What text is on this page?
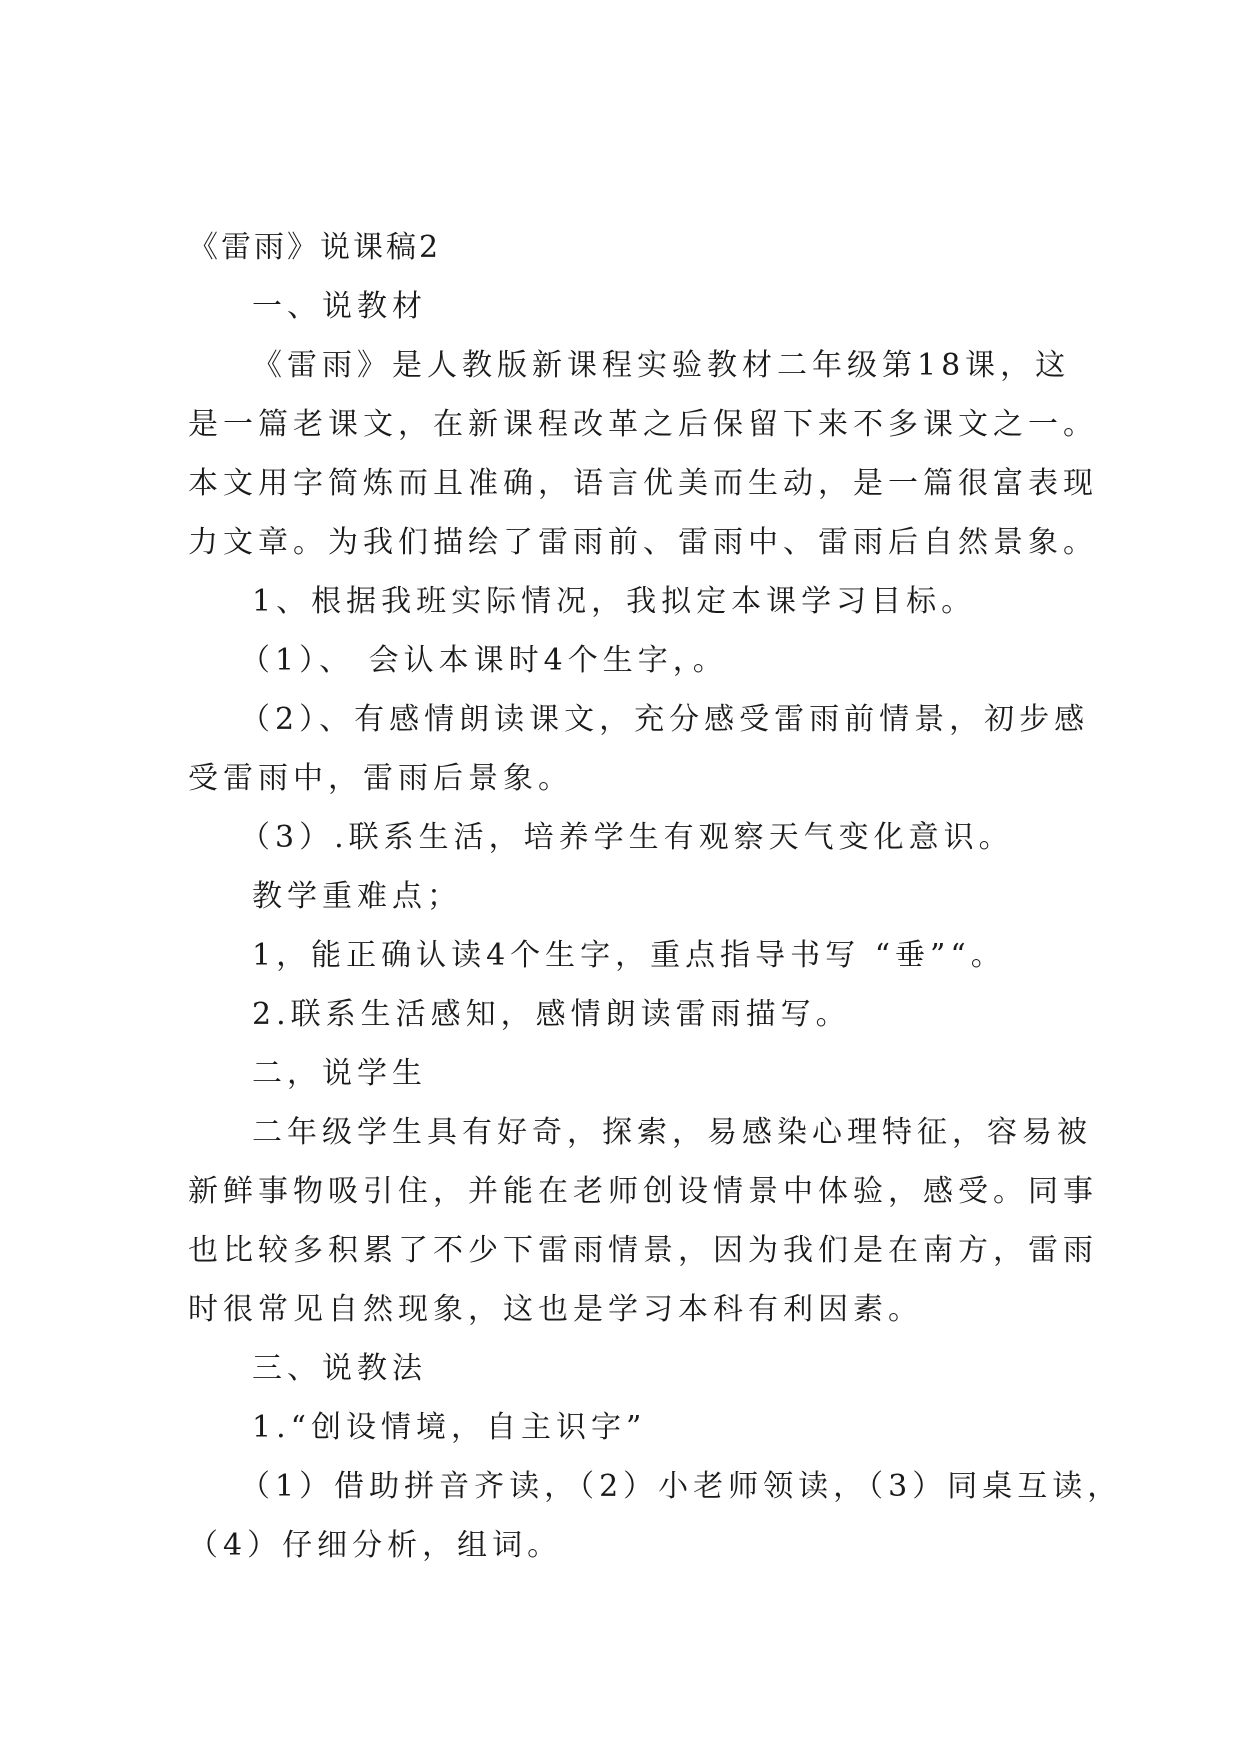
《雷雨》说课稿2
一、说教材
《雷雨》是人教版新课程实验教材二年级第18课，这
是一篇老课文，在新课程改革之后保留下来不多课文之一。
本文用字简炼而且准确，语言优美而生动，是一篇很富表现
力文章。为我们描绘了雷雨前、雷雨中、雷雨后自然景象。
1、根据我班实际情况，我拟定本课学习目标。
（1）、 会认本课时4个生字，。
（2）、有感情朗读课文，充分感受雷雨前情景，初步感
受雷雨中，雷雨后景象。
（3）.联系生活，培养学生有观察天气变化意识。
教学重难点；
1，能正确认读4个生字，重点指导书写 “垂”“。
2.联系生活感知，感情朗读雷雨描写。
二，说学生
二年级学生具有好奇，探索，易感染心理特征，容易被
新鲜事物吸引住，并能在老师创设情景中体验，感受。同事
也比较多积累了不少下雷雨情景，因为我们是在南方，雷雨
时很常见自然现象，这也是学习本科有利因素。
三、说教法
1.“创设情境，自主识字”
（1）借助拼音齐读，（2）小老师领读，（3）同桌互读，
（4）仔细分析，组词。
